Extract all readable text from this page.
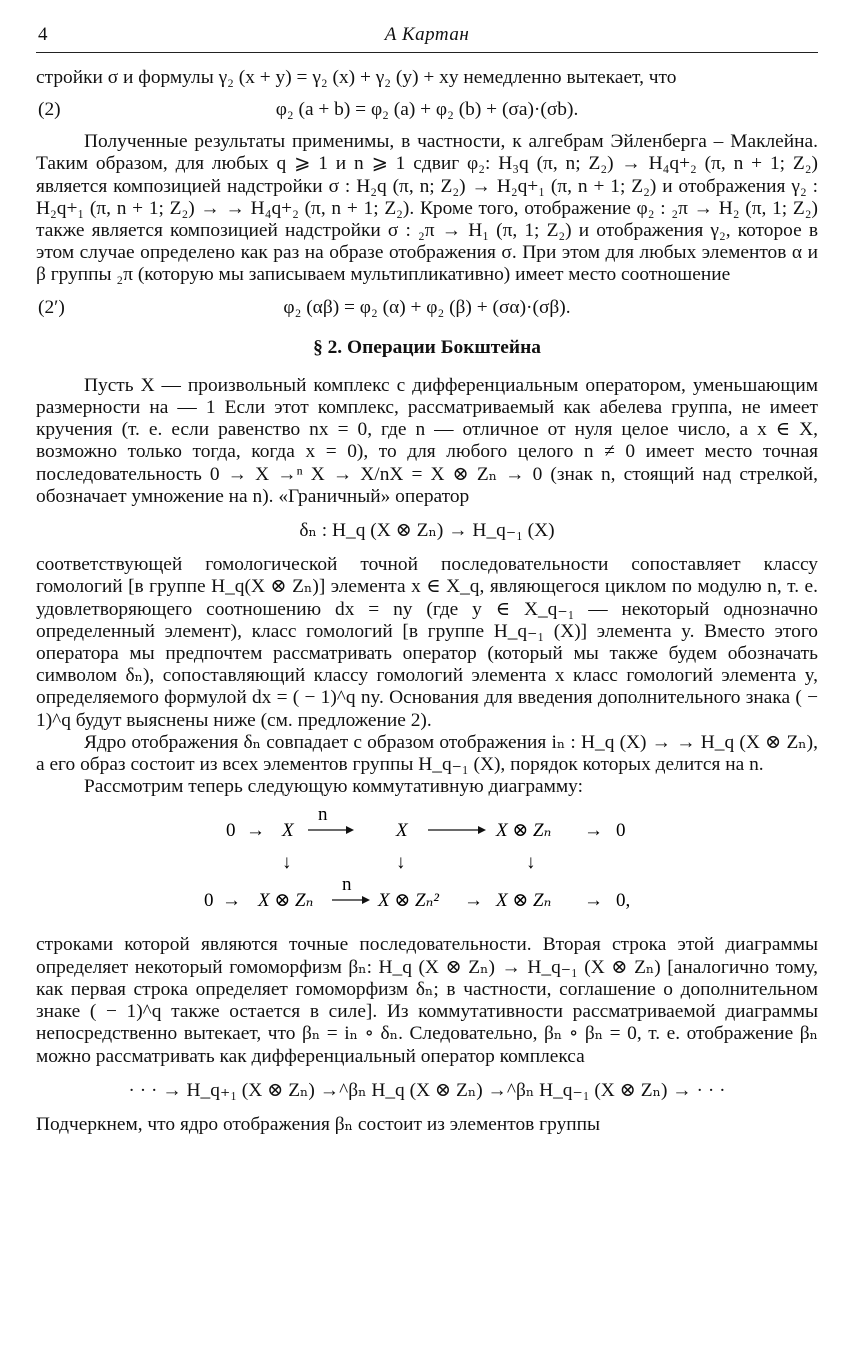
4	А Картан

стройки σ и формулы γ₂ (x + y) = γ₂ (x) + γ₂ (y) + xy немедленно вытекает, что

(2)	φ₂ (a + b) = φ₂ (a) + φ₂ (b) + (σa)·(σb).

Полученные результаты применимы, в частности, к алгебрам Эйленберга – Маклейна. Таким образом, для любых q ⩾ 1 и n ⩾ 1 сдвиг φ₂: H₃q (π, n; Z₂) → H₄q+₂ (π, n + 1; Z₂) является композицией надстройки σ : H₂q (π, n; Z₂) → H₂q+₁ (π, n + 1; Z₂) и отображения γ₂ : H₂q+₁ (π, n + 1; Z₂) → → H₄q+₂ (π, n + 1; Z₂). Кроме того, отображение φ₂ : ₂π → H₂ (π, 1; Z₂) также является композицией надстройки σ : ₂π → H₁ (π, 1; Z₂) и отображения γ₂, которое в этом случае определено как раз на образе отображения σ. При этом для любых элементов α и β группы ₂π (которую мы записываем мультипликативно) имеет место соотношение

(2′)	φ₂ (αβ) = φ₂ (α) + φ₂ (β) + (σα)·(σβ).
§ 2. Операции Бокштейна

Пусть X — произвольный комплекс с дифференциальным оператором, уменьшающим размерности на — 1 Если этот комплекс, рассматриваемый как абелева группа, не имеет кручения (т. е. если равенство nx = 0, где n — отличное от нуля целое число, а x ∈ X, возможно только тогда, когда x = 0), то для любого целого n ≠ 0 имеет место точная последовательность 0 → X →ⁿ X → X/nX = X ⊗ Zₙ → 0 (знак n, стоящий над стрелкой, обозначает умножение на n). «Граничный» оператор

δₙ : H_q (X ⊗ Zₙ) → H_q₋₁ (X)

соответствующей гомологической точной последовательности сопоставляет классу гомологий [в группе H_q(X ⊗ Zₙ)] элемента x ∈ X_q, являющегося циклом по модулю n, т. е. удовлетворяющего соотношению dx = ny (где y ∈ X_q₋₁ — некоторый однозначно определенный элемент), класс гомологий [в группе H_q₋₁ (X)] элемента y. Вместо этого оператора мы предпочтем рассматривать оператор (который мы также будем обозначать символом δₙ), сопоставляющий классу гомологий элемента x класс гомологий элемента y, определяемого формулой dx = ( − 1)^q ny. Основания для введения дополнительного знака ( − 1)^q будут выяснены ниже (см. предложение 2).

Ядро отображения δₙ совпадает с образом отображения iₙ : H_q (X) → → H_q (X ⊗ Zₙ), а его образ состоит из всех элементов группы H_q₋₁ (X), порядок которых делится на n.

Рассмотрим теперь следующую коммутативную диаграмму:

0 → X
n
X	X ⊗ Zₙ → 0
↓	↓	↓
0 → X ⊗ Zₙ
n
X ⊗ Zₙ² → X ⊗ Zₙ → 0,

строками которой являются точные последовательности. Вторая строка этой диаграммы определяет некоторый гомоморфизм βₙ: H_q (X ⊗ Zₙ) → H_q₋₁ (X ⊗ Zₙ) [аналогично тому, как первая строка определяет гомоморфизм δₙ; в частности, соглашение о дополнительном знаке ( − 1)^q также остается в силе]. Из коммутативности рассматриваемой диаграммы непосредственно вытекает, что βₙ = iₙ ∘ δₙ. Следовательно, βₙ ∘ βₙ = 0, т. е. отображение βₙ можно рассматривать как дифференциальный оператор комплекса

· · · → H_q₊₁ (X ⊗ Zₙ) →^βₙ H_q (X ⊗ Zₙ) →^βₙ H_q₋₁ (X ⊗ Zₙ) → · · ·

Подчеркнем, что ядро отображения βₙ состоит из элементов группы
